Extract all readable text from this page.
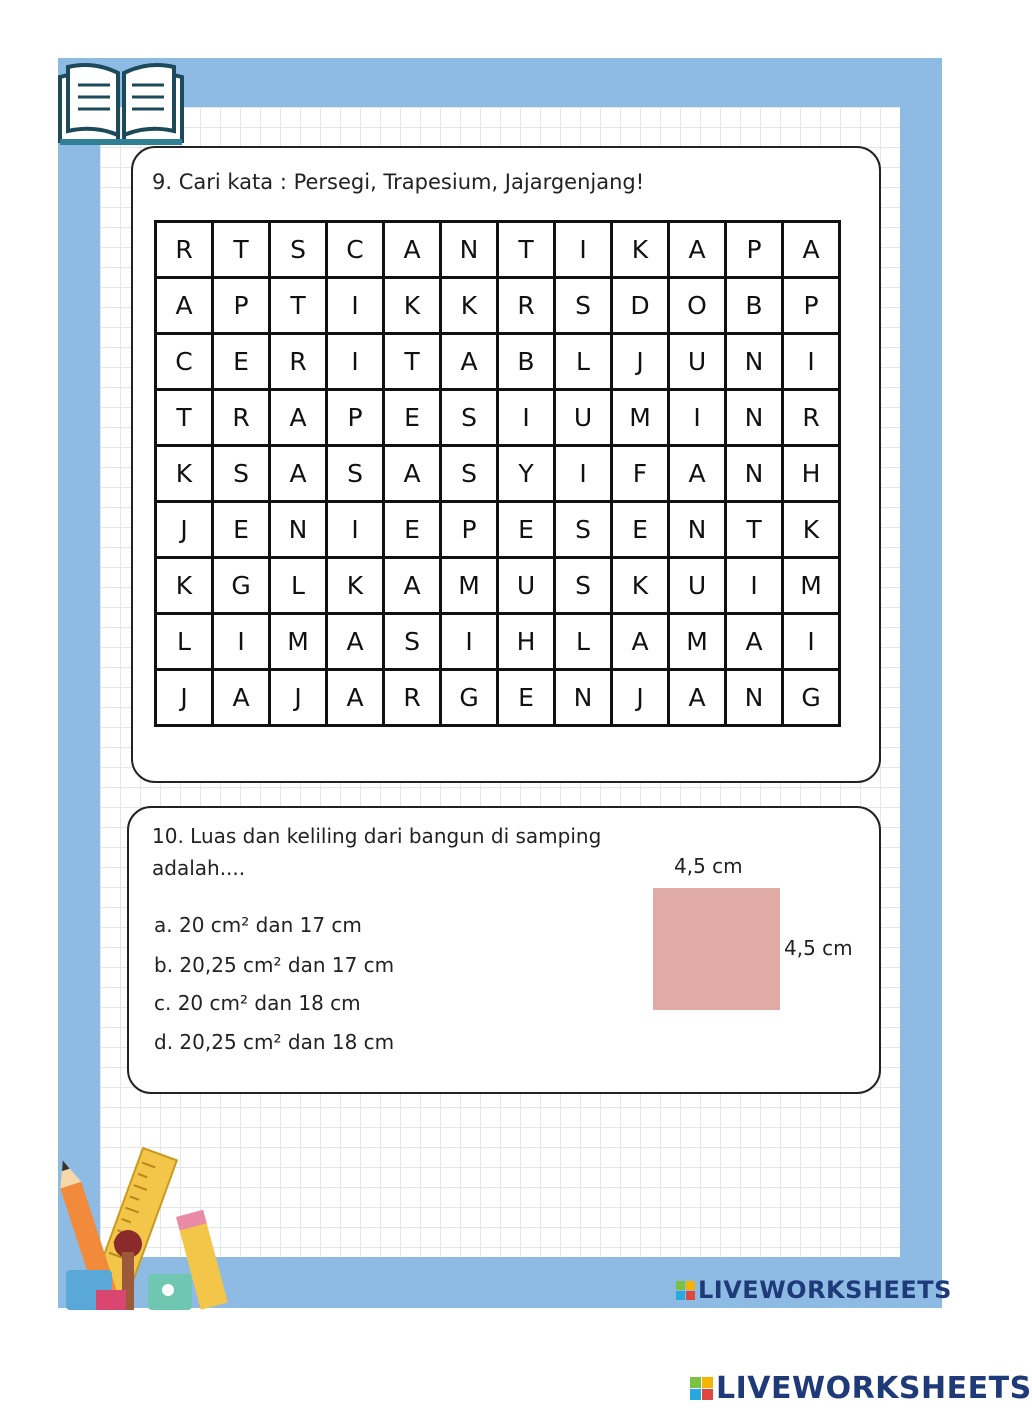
9. Cari kata : Persegi, Trapesium, Jajargenjang!
R	T	S	C	A	N	T	I	K	A	P	A
A	P	T	I	K	K	R	S	D	O	B	P
C	E	R	I	T	A	B	L	J	U	N	I
T	R	A	P	E	S	I	U	M	I	N	R
K	S	A	S	A	S	Y	I	F	A	N	H
J	E	N	I	E	P	E	S	E	N	T	K
K	G	L	K	A	M	U	S	K	U	I	M
L	I	M	A	S	I	H	L	A	M	A	I
J	A	J	A	R	G	E	N	J	A	N	G
10. Luas dan keliling dari bangun di samping
adalah....
a. 20 cm² dan 17 cm
b. 20,25 cm² dan 17 cm
c. 20 cm² dan 18 cm
d. 20,25 cm² dan 18 cm
4,5 cm
4,5 cm
LIVEWORKSHEETS
LIVEWORKSHEETS
